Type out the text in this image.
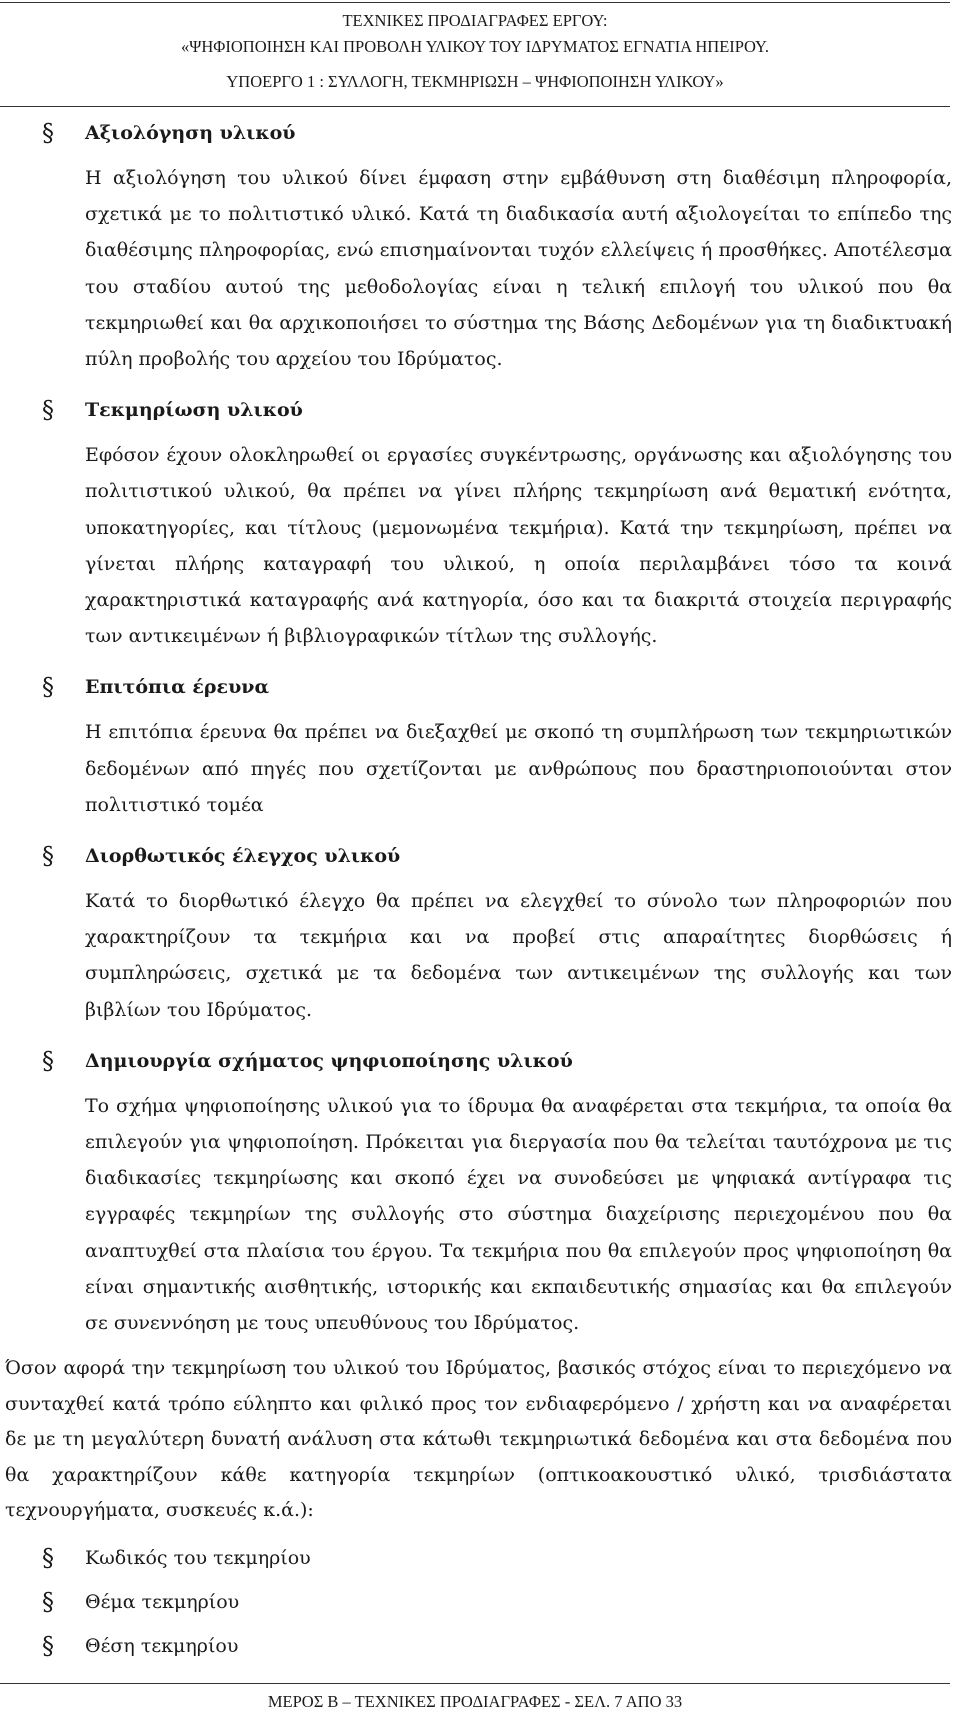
ΤΕΧΝΙΚΕΣ ΠΡΟΔΙΑΓΡΑΦΕΣ ΕΡΓΟΥ:
«ΨΗΦΙΟΠΟΙΗΣΗ ΚΑΙ ΠΡΟΒΟΛΗ ΥΛΙΚΟΥ ΤΟΥ ΙΔΡΥΜΑΤΟΣ ΕΓΝΑΤΙΑ ΗΠΕΙΡΟΥ.
ΥΠΟΕΡΓΟ 1 : ΣΥΛΛΟΓΗ, ΤΕΚΜΗΡΙΩΣΗ – ΨΗΦΙΟΠΟΙΗΣΗ ΥΛΙΚΟΥ»
§ Αξιολόγηση υλικού

Η αξιολόγηση του υλικού δίνει έμφαση στην εμβάθυνση στη διαθέσιμη πληροφορία, σχετικά με το πολιτιστικό υλικό. Κατά τη διαδικασία αυτή αξιολογείται το επίπεδο της διαθέσιμης πληροφορίας, ενώ επισημαίνονται τυχόν ελλείψεις ή προσθήκες. Αποτέλεσμα του σταδίου αυτού της μεθοδολογίας είναι η τελική επιλογή του υλικού που θα τεκμηριωθεί και θα αρχικοποιήσει το σύστημα της Βάσης Δεδομένων για τη διαδικτυακή πύλη προβολής του αρχείου του Ιδρύματος.

§ Τεκμηρίωση υλικού

Εφόσον έχουν ολοκληρωθεί οι εργασίες συγκέντρωσης, οργάνωσης και αξιολόγησης του πολιτιστικού υλικού, θα πρέπει να γίνει πλήρης τεκμηρίωση ανά θεματική ενότητα, υποκατηγορίες, και τίτλους (μεμονωμένα τεκμήρια). Κατά την τεκμηρίωση, πρέπει να γίνεται πλήρης καταγραφή του υλικού, η οποία περιλαμβάνει τόσο τα κοινά χαρακτηριστικά καταγραφής ανά κατηγορία, όσο και τα διακριτά στοιχεία περιγραφής των αντικειμένων ή βιβλιογραφικών τίτλων της συλλογής.

§ Επιτόπια έρευνα

Η επιτόπια έρευνα θα πρέπει να διεξαχθεί με σκοπό τη συμπλήρωση των τεκμηριωτικών δεδομένων από πηγές που σχετίζονται με ανθρώπους που δραστηριοποιούνται στον πολιτιστικό τομέα

§ Διορθωτικός έλεγχος υλικού

Κατά το διορθωτικό έλεγχο θα πρέπει να ελεγχθεί το σύνολο των πληροφοριών που χαρακτηρίζουν τα τεκμήρια και να προβεί στις απαραίτητες διορθώσεις ή συμπληρώσεις, σχετικά με τα δεδομένα των αντικειμένων της συλλογής και των βιβλίων του Ιδρύματος.

§ Δημιουργία σχήματος ψηφιοποίησης υλικού

Το σχήμα ψηφιοποίησης υλικού για το ίδρυμα θα αναφέρεται στα τεκμήρια, τα οποία θα επιλεγούν για ψηφιοποίηση. Πρόκειται για διεργασία που θα τελείται ταυτόχρονα με τις διαδικασίες τεκμηρίωσης και σκοπό έχει να συνοδεύσει με ψηφιακά αντίγραφα τις εγγραφές τεκμηρίων της συλλογής στο σύστημα διαχείρισης περιεχομένου που θα αναπτυχθεί στα πλαίσια του έργου. Τα τεκμήρια που θα επιλεγούν προς ψηφιοποίηση θα είναι σημαντικής αισθητικής, ιστορικής και εκπαιδευτικής σημασίας και θα επιλεγούν σε συνεννόηση με τους υπευθύνους του Ιδρύματος.

Όσον αφορά την τεκμηρίωση του υλικού του Ιδρύματος, βασικός στόχος είναι το περιεχόμενο να συνταχθεί κατά τρόπο εύληπτο και φιλικό προς τον ενδιαφερόμενο / χρήστη και να αναφέρεται δε με τη μεγαλύτερη δυνατή ανάλυση στα κάτωθι τεκμηριωτικά δεδομένα και στα δεδομένα που θα χαρακτηρίζουν κάθε κατηγορία τεκμηρίων (οπτικοακουστικό υλικό, τρισδιάστατα τεχνουργήματα, συσκευές κ.ά.):

§ Κωδικός του τεκμηρίου
§ Θέμα τεκμηρίου
§ Θέση τεκμηρίου
ΜΕΡΟΣ Β – ΤΕΧΝΙΚΕΣ ΠΡΟΔΙΑΓΡΑΦΕΣ - ΣΕΛ. 7 ΑΠΟ 33
